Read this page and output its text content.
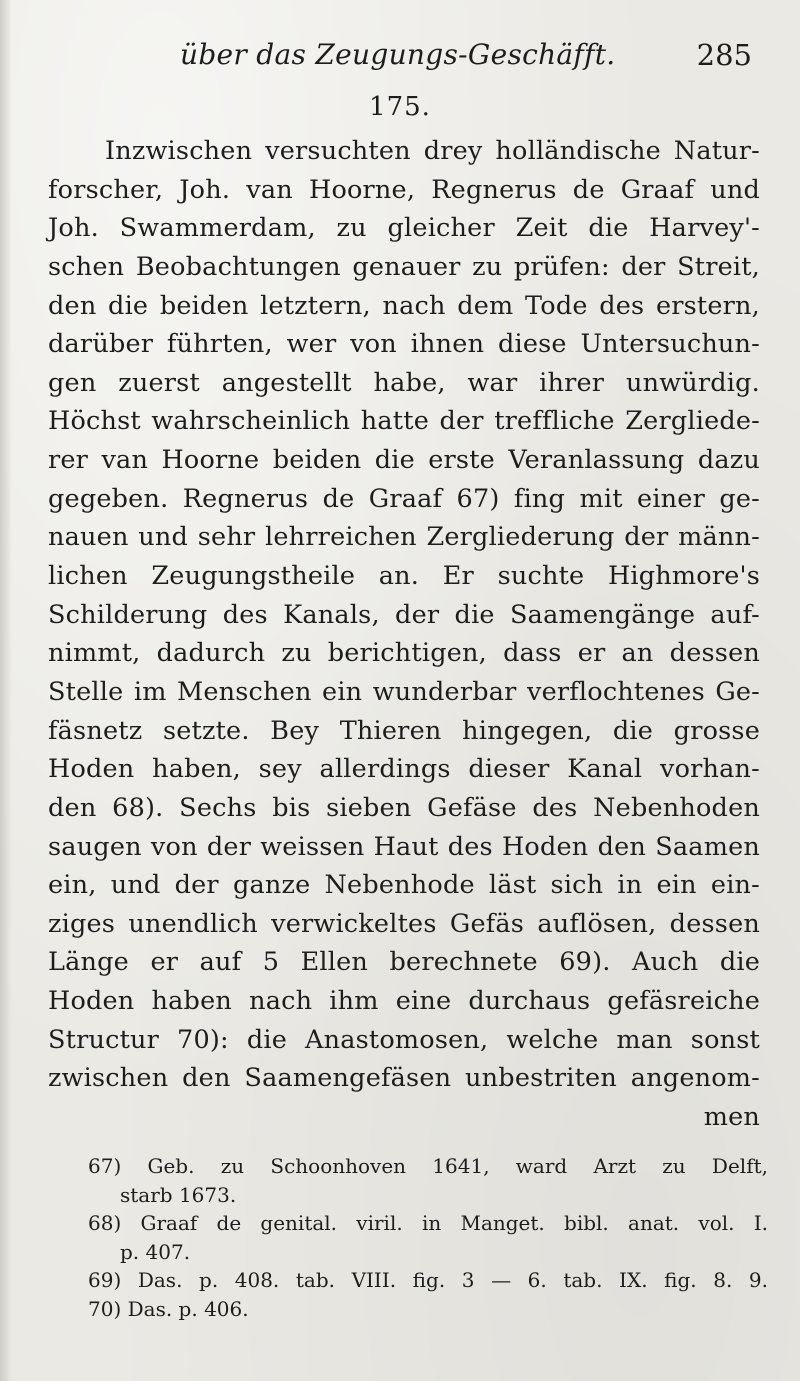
über das Zeugungs-Geschäfft.	285
175.
Inzwischen versuchten drey holländische Natur-
forscher, Joh. van Hoorne, Regnerus de Graaf und
Joh. Swammerdam, zu gleicher Zeit die Harvey'-
schen Beobachtungen genauer zu prüfen: der Streit,
den die beiden letztern, nach dem Tode des erstern,
darüber führten, wer von ihnen diese Untersuchun-
gen zuerst angestellt habe, war ihrer unwürdig.
Höchst wahrscheinlich hatte der treffliche Zergliede-
rer van Hoorne beiden die erste Veranlassung dazu
gegeben. Regnerus de Graaf 67) fing mit einer ge-
nauen und sehr lehrreichen Zergliederung der männ-
lichen Zeugungstheile an. Er suchte Highmore's
Schilderung des Kanals, der die Saamengänge auf-
nimmt, dadurch zu berichtigen, dass er an dessen
Stelle im Menschen ein wunderbar verflochtenes Ge-
fäsnetz setzte. Bey Thieren hingegen, die grosse
Hoden haben, sey allerdings dieser Kanal vorhan-
den 68). Sechs bis sieben Gefäse des Nebenhoden
saugen von der weissen Haut des Hoden den Saamen
ein, und der ganze Nebenhode läst sich in ein ein-
ziges unendlich verwickeltes Gefäs auflösen, dessen
Länge er auf 5 Ellen berechnete 69). Auch die
Hoden haben nach ihm eine durchaus gefäsreiche
Structur 70): die Anastomosen, welche man sonst
zwischen den Saamengefäsen unbestriten angenom-
men
67) Geb. zu Schoonhoven 1641, ward Arzt zu Delft,
starb 1673.
68) Graaf de genital. viril. in Manget. bibl. anat. vol. I.
p. 407.
69) Das. p. 408. tab. VIII. fig. 3 — 6. tab. IX. fig. 8. 9.
70) Das. p. 406.
